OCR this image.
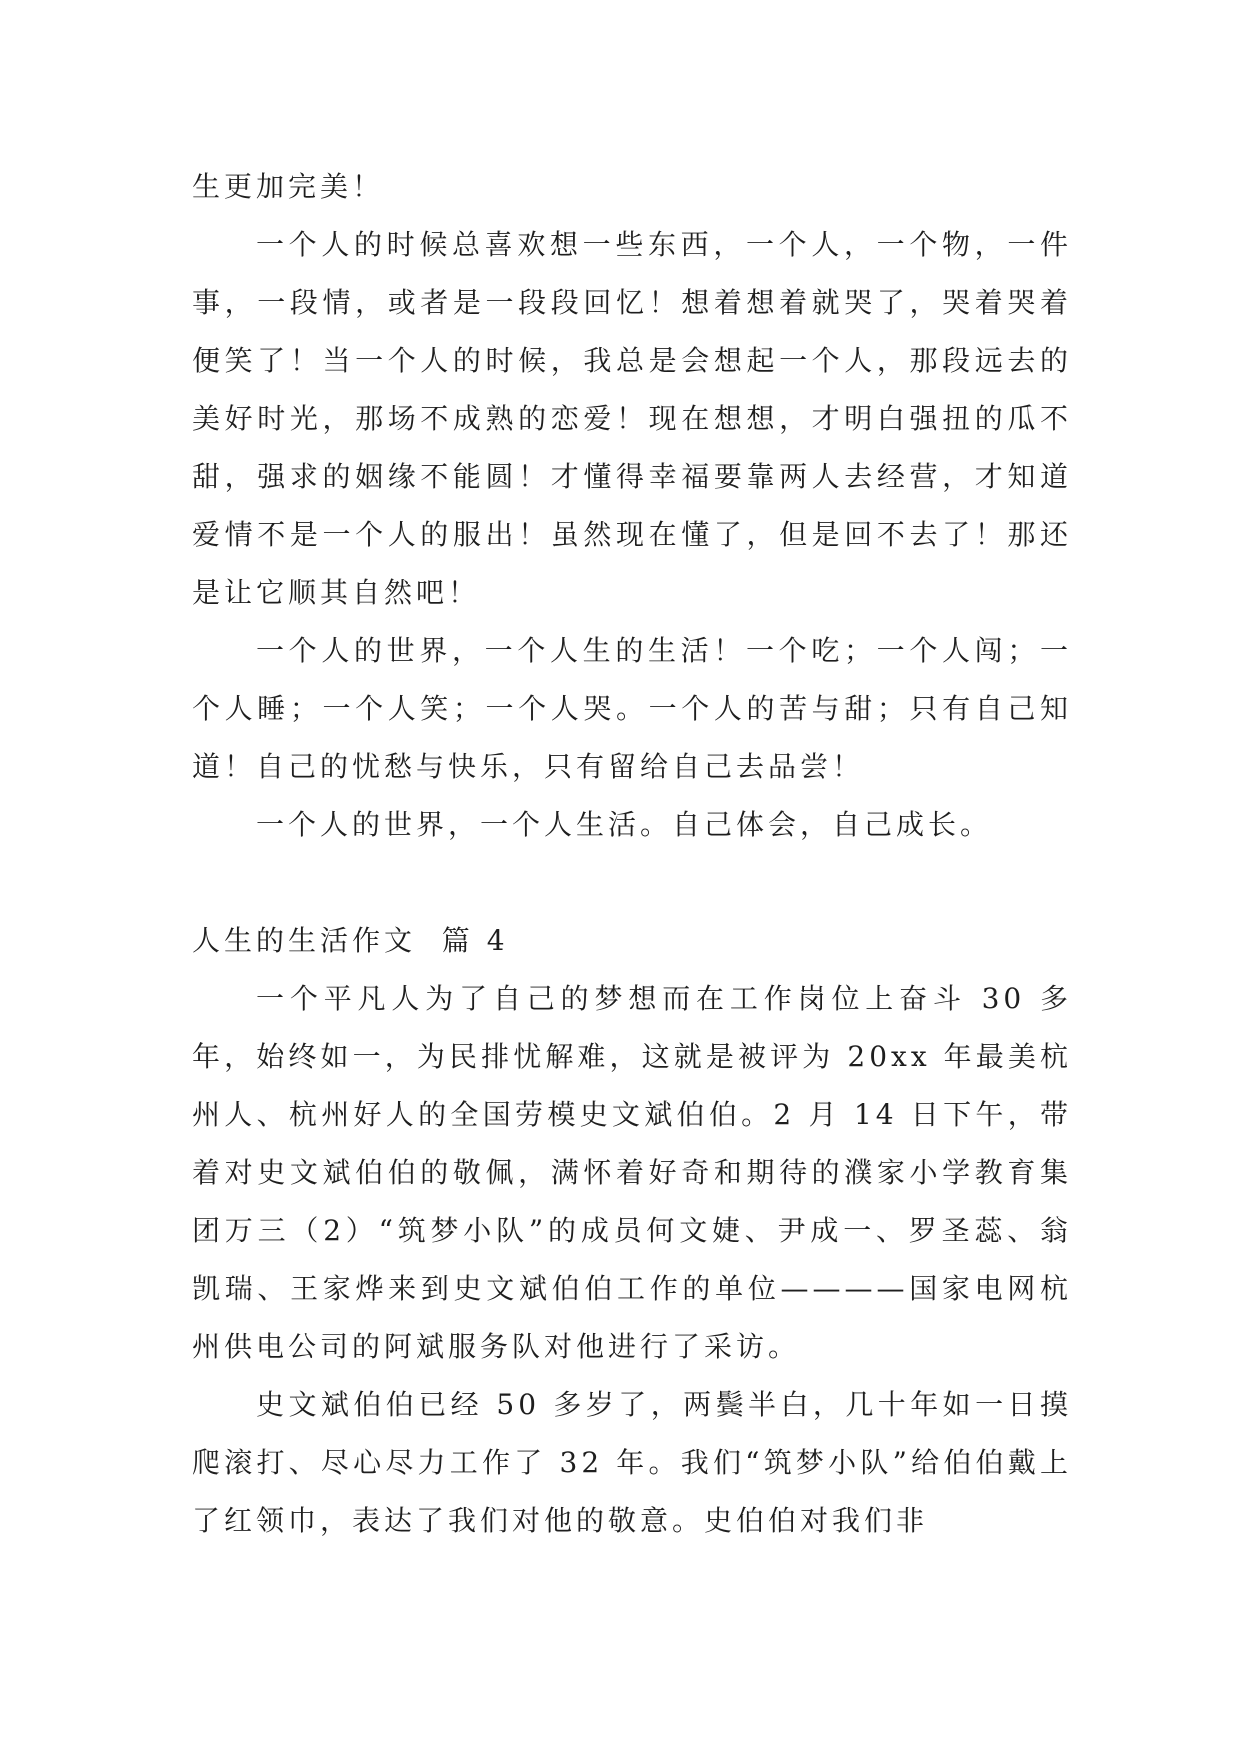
生更加完美！

一个人的时候总喜欢想一些东西，一个人，一个物，一件事，一段情，或者是一段段回忆！想着想着就哭了，哭着哭着便笑了！当一个人的时候，我总是会想起一个人，那段远去的美好时光，那场不成熟的恋爱！现在想想，才明白强扭的瓜不甜，强求的姻缘不能圆！才懂得幸福要靠两人去经营，才知道爱情不是一个人的服出！虽然现在懂了，但是回不去了！那还是让它顺其自然吧！

一个人的世界，一个人生的生活！一个吃；一个人闯；一个人睡；一个人笑；一个人哭。一个人的苦与甜；只有自己知道！自己的忧愁与快乐，只有留给自己去品尝！

一个人的世界，一个人生活。自己体会，自己成长。

人生的生活作文  篇 4

一个平凡人为了自己的梦想而在工作岗位上奋斗 30 多年，始终如一，为民排忧解难，这就是被评为 20xx 年最美杭州人、杭州好人的全国劳模史文斌伯伯。2 月 14 日下午，带着对史文斌伯伯的敬佩，满怀着好奇和期待的濮家小学教育集团万三（2）“筑梦小队”的成员何文婕、尹成一、罗圣蕊、翁凯瑞、王家烨来到史文斌伯伯工作的单位————国家电网杭州供电公司的阿斌服务队对他进行了采访。

史文斌伯伯已经 50 多岁了，两鬓半白，几十年如一日摸爬滚打、尽心尽力工作了 32 年。我们“筑梦小队”给伯伯戴上了红领巾，表达了我们对他的敬意。史伯伯对我们非
